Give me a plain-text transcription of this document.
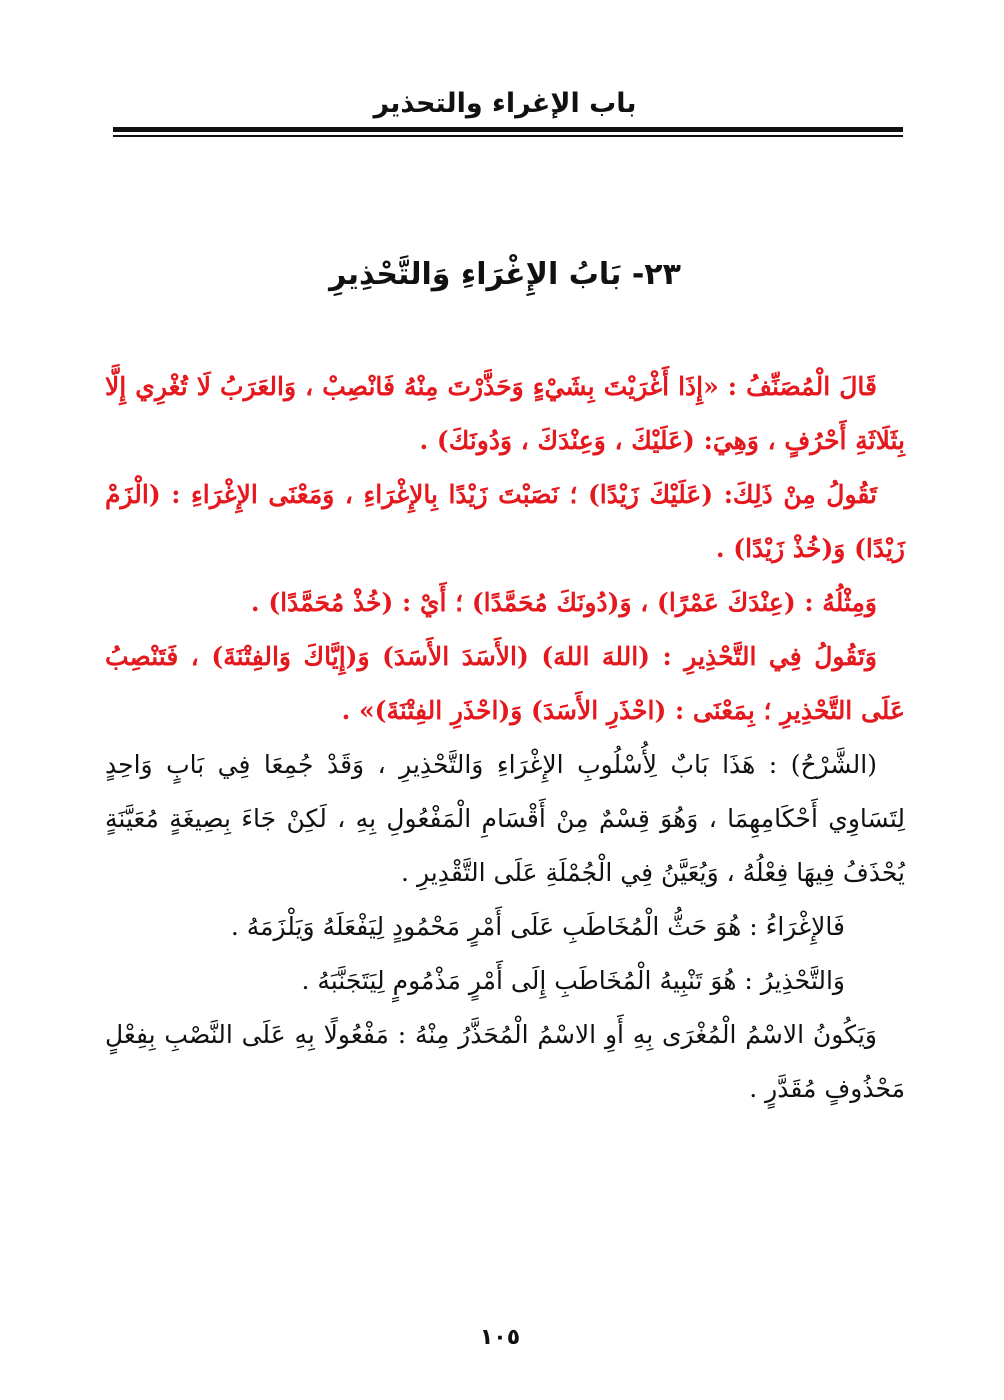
باب الإغراء والتحذير
٢٣- بَابُ الإِغْرَاءِ وَالتَّحْذِيرِ

قَالَ الْمُصَنِّفُ : «إِذَا أَغْرَيْتَ بِشَيْءٍ وَحَذَّرْتَ مِنْهُ فَانْصِبْ ، وَالعَرَبُ لَا تُغْرِي إِلَّا بِثَلَاثَةِ أَحْرُفٍ ، وَهِيَ: (عَلَيْكَ ، وَعِنْدَكَ ، وَدُونَكَ) .

تَقُولُ مِنْ ذَلِكَ: (عَلَيْكَ زَيْدًا) ؛ نَصَبْتَ زَيْدًا بِالإِغْرَاءِ ، وَمَعْنَى الإِغْرَاءِ : (الْزَمْ زَيْدًا) وَ(خُذْ زَيْدًا) .

وَمِثْلُهُ : (عِنْدَكَ عَمْرًا) ، وَ(دُونَكَ مُحَمَّدًا) ؛ أَيْ : (خُذْ مُحَمَّدًا) .

وَتَقُولُ فِي التَّحْذِيرِ : (اللهَ اللهَ) (الأَسَدَ الأَسَدَ) وَ(إِيَّاكَ وَالفِتْنَةَ) ، فَتَنْصِبُ عَلَى التَّحْذِيرِ ؛ بِمَعْنَى : (احْذَرِ الأَسَدَ) وَ(احْذَرِ الفِتْنَةَ)» .

(الشَّرْحُ) : هَذَا بَابٌ لِأُسْلُوبِ الإِغْرَاءِ وَالتَّحْذِيرِ ، وَقَدْ جُمِعَا فِي بَابٍ وَاحِدٍ لِتَسَاوِي أَحْكَامِهِمَا ، وَهُوَ قِسْمٌ مِنْ أَقْسَامِ الْمَفْعُولِ بِهِ ، لَكِنْ جَاءَ بِصِيغَةٍ مُعَيَّنَةٍ يُحْذَفُ فِيهَا فِعْلُهُ ، وَيُعَيَّنُ فِي الْجُمْلَةِ عَلَى التَّقْدِيرِ .

فَالإِغْرَاءُ : هُوَ حَثُّ الْمُخَاطَبِ عَلَى أَمْرٍ مَحْمُودٍ لِيَفْعَلَهُ وَيَلْزَمَهُ .

وَالتَّحْذِيرُ : هُوَ تَنْبِيهُ الْمُخَاطَبِ إِلَى أَمْرٍ مَذْمُومٍ لِيَتَجَنَّبَهُ .

وَيَكُونُ الاسْمُ الْمُغْرَى بِهِ أَوِ الاسْمُ الْمُحَذَّرُ مِنْهُ : مَفْعُولًا بِهِ عَلَى النَّصْبِ بِفِعْلٍ مَحْذُوفٍ مُقَدَّرٍ .

١٠٥
